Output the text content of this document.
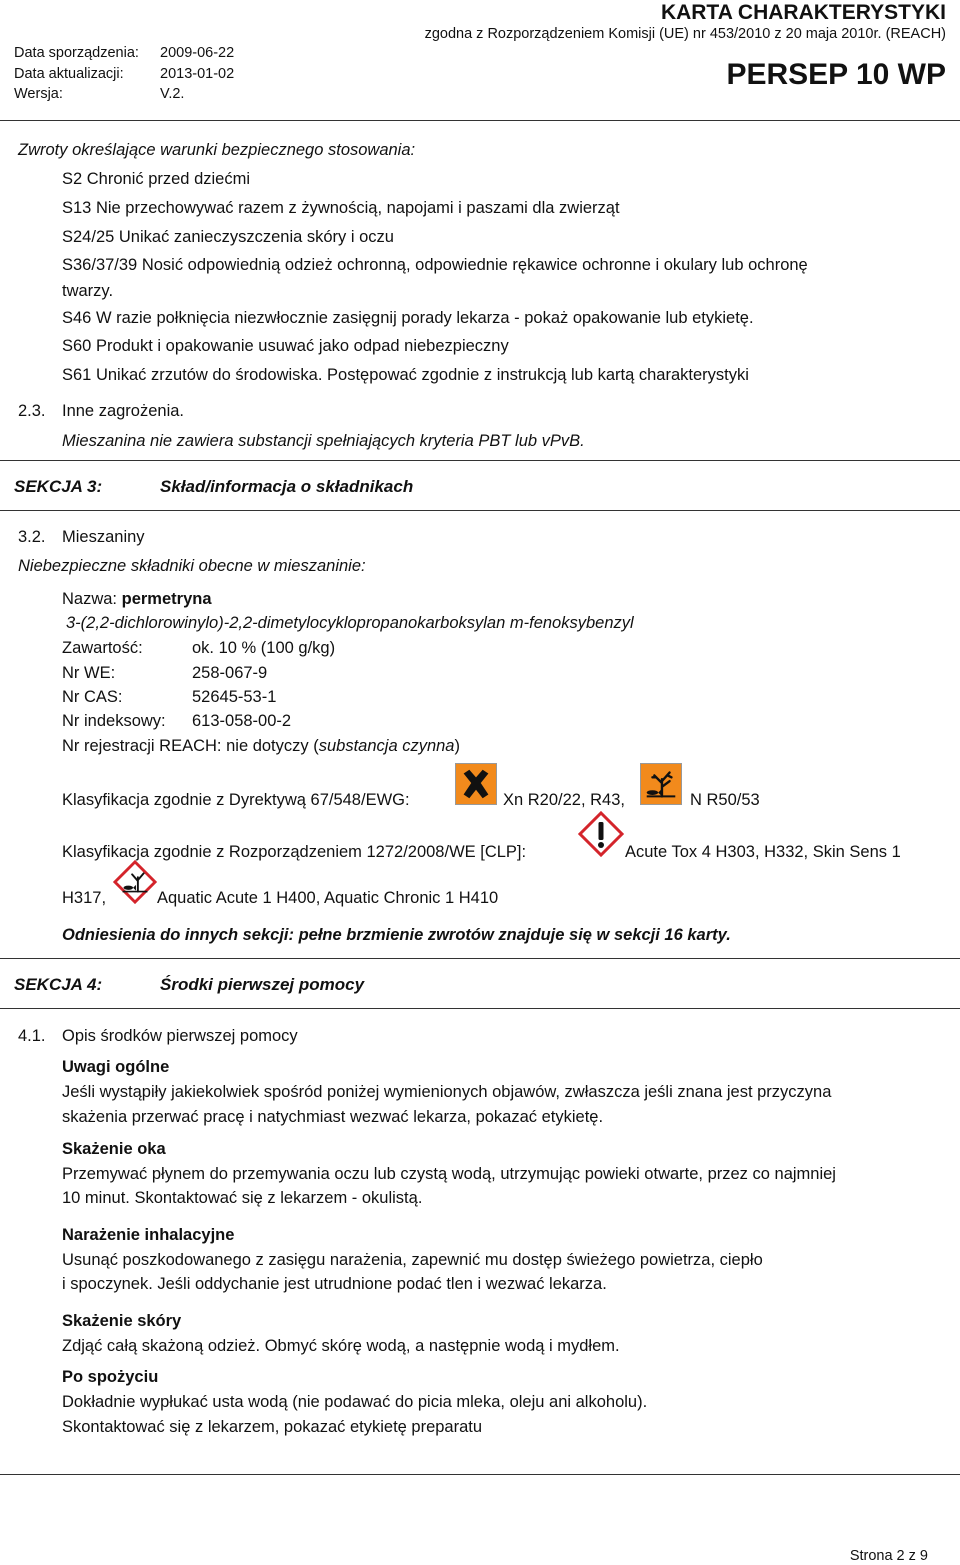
KARTA CHARAKTERYSTYKI
zgodna z Rozporządzeniem Komisji (UE) nr 453/2010 z 20 maja 2010r. (REACH)
PERSEP 10 WP
Data sporządzenia: 2009-06-22
Data aktualizacji:	2013-01-02
Wersja:	V.2.
Zwroty określające warunki bezpiecznego stosowania:
S2 Chronić przed dziećmi
S13 Nie przechowywać razem z żywnością, napojami i paszami dla zwierząt
S24/25 Unikać zanieczyszczenia skóry i oczu
S36/37/39 Nosić odpowiednią odzież ochronną, odpowiednie rękawice ochronne i okulary lub ochronę
twarzy.
S46 W razie połknięcia niezwłocznie zasięgnij porady lekarza - pokaż opakowanie lub etykietę.
S60 Produkt i opakowanie usuwać jako odpad niebezpieczny
S61 Unikać zrzutów do środowiska. Postępować zgodnie z instrukcją lub kartą charakterystyki
2.3. Inne zagrożenia.
Mieszanina nie zawiera substancji spełniających kryteria PBT lub vPvB.
SEKCJA 3:	Skład/informacja o składnikach
3.2. Mieszaniny
Niebezpieczne składniki obecne w mieszaninie:
Nazwa: permetryna
3-(2,2-dichlorowinylo)-2,2-dimetylocyklopropanokarboksylan m-fenoksybenzyl
Zawartość:	ok. 10 % (100 g/kg)
Nr WE:	258-067-9
Nr CAS:	52645-53-1
Nr indeksowy: 613-058-00-2
Nr rejestracji REACH: nie dotyczy (substancja czynna)
Klasyfikacja zgodnie z Dyrektywą 67/548/EWG:	Xn R20/22, R43,	N R50/53
Klasyfikacja zgodnie z Rozporządzeniem 1272/2008/WE [CLP]:	Acute Tox 4 H303, H332, Skin Sens 1
H317,	Aquatic Acute 1 H400, Aquatic Chronic 1 H410
Odniesienia do innych sekcji: pełne brzmienie zwrotów znajduje się w sekcji 16 karty.
SEKCJA 4:	Środki pierwszej pomocy
4.1. Opis środków pierwszej pomocy
Uwagi ogólne
Jeśli wystąpiły jakiekolwiek spośród poniżej wymienionych objawów, zwłaszcza jeśli znana jest przyczyna
skażenia przerwać pracę i natychmiast wezwać lekarza, pokazać etykietę.
Skażenie oka
Przemywać płynem do przemywania oczu lub czystą wodą, utrzymując powieki otwarte, przez co najmniej
10 minut. Skontaktować się z lekarzem - okulistą.
Narażenie inhalacyjne
Usunąć poszkodowanego z zasięgu narażenia, zapewnić mu dostęp świeżego powietrza, ciepło
i spoczynek. Jeśli oddychanie jest utrudnione podać tlen i wezwać lekarza.
Skażenie skóry
Zdjąć całą skażoną odzież. Obmyć skórę wodą, a następnie wodą i mydłem.
Po spożyciu
Dokładnie wypłukać usta wodą (nie podawać do picia mleka, oleju ani alkoholu).
Skontaktować się z lekarzem, pokazać etykietę preparatu
Strona 2 z 9
